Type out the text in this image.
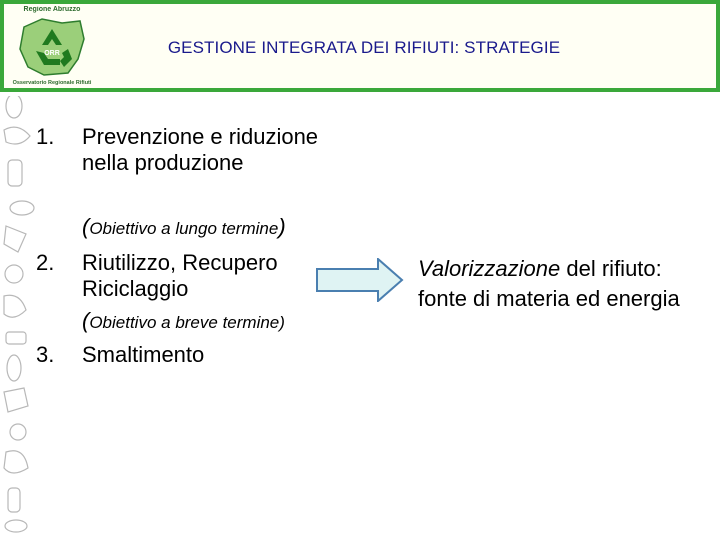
Regione Abruzzo
ORR
Osservatorio Regionale Rifiuti
GESTIONE INTEGRATA DEI RIFIUTI: STRATEGIE
1.	Prevenzione e riduzione nella produzione
(Obiettivo a lungo termine)
2.	Riutilizzo, Recupero Riciclaggio
(Obiettivo a breve termine)
3.	Smaltimento
Valorizzazione del rifiuto:
fonte di materia ed energia
